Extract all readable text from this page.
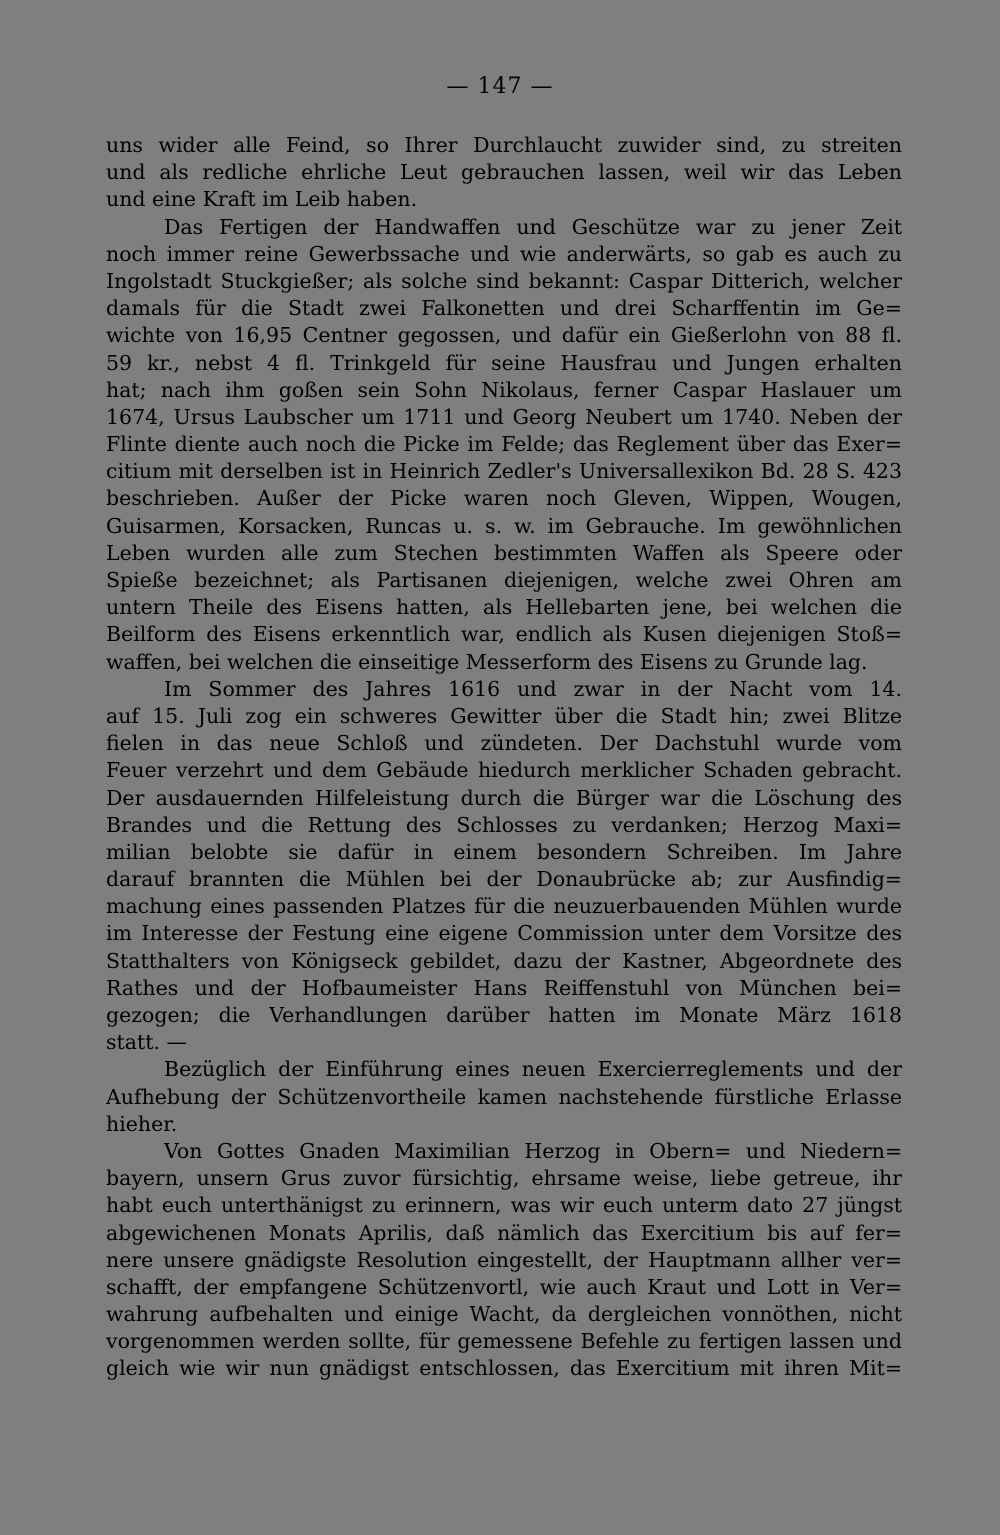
— 147 —
uns wider alle Feind, so Ihrer Durchlaucht zuwider sind, zu streiten
und als redliche ehrliche Leut gebrauchen lassen, weil wir das Leben
und eine Kraft im Leib haben.
Das Fertigen der Handwaffen und Geschütze war zu jener Zeit
noch immer reine Gewerbssache und wie anderwärts, so gab es auch zu
Ingolstadt Stuckgießer; als solche sind bekannt: Caspar Ditterich, welcher
damals für die Stadt zwei Falkonetten und drei Scharffentin im Ge=
wichte von 16,95 Centner gegossen, und dafür ein Gießerlohn von 88 fl.
59 kr., nebst 4 fl. Trinkgeld für seine Hausfrau und Jungen erhalten
hat; nach ihm goßen sein Sohn Nikolaus, ferner Caspar Haslauer um
1674, Ursus Laubscher um 1711 und Georg Neubert um 1740. Neben der
Flinte diente auch noch die Picke im Felde; das Reglement über das Exer=
citium mit derselben ist in Heinrich Zedler's Universallexikon Bd. 28 S. 423
beschrieben. Außer der Picke waren noch Gleven, Wippen, Wougen,
Guisarmen, Korsacken, Runcas u. s. w. im Gebrauche. Im gewöhnlichen
Leben wurden alle zum Stechen bestimmten Waffen als Speere oder
Spieße bezeichnet; als Partisanen diejenigen, welche zwei Ohren am
untern Theile des Eisens hatten, als Hellebarten jene, bei welchen die
Beilform des Eisens erkenntlich war, endlich als Kusen diejenigen Stoß=
waffen, bei welchen die einseitige Messerform des Eisens zu Grunde lag.
Im Sommer des Jahres 1616 und zwar in der Nacht vom 14.
auf 15. Juli zog ein schweres Gewitter über die Stadt hin; zwei Blitze
fielen in das neue Schloß und zündeten. Der Dachstuhl wurde vom
Feuer verzehrt und dem Gebäude hiedurch merklicher Schaden gebracht.
Der ausdauernden Hilfeleistung durch die Bürger war die Löschung des
Brandes und die Rettung des Schlosses zu verdanken; Herzog Maxi=
milian belobte sie dafür in einem besondern Schreiben. Im Jahre
darauf brannten die Mühlen bei der Donaubrücke ab; zur Ausfindig=
machung eines passenden Platzes für die neuzuerbauenden Mühlen wurde
im Interesse der Festung eine eigene Commission unter dem Vorsitze des
Statthalters von Königseck gebildet, dazu der Kastner, Abgeordnete des
Rathes und der Hofbaumeister Hans Reiffenstuhl von München bei=
gezogen; die Verhandlungen darüber hatten im Monate März 1618
statt. —
Bezüglich der Einführung eines neuen Exercierreglements und der
Aufhebung der Schützenvortheile kamen nachstehende fürstliche Erlasse
hieher.
Von Gottes Gnaden Maximilian Herzog in Obern= und Niedern=
bayern, unsern Grus zuvor fürsichtig, ehrsame weise, liebe getreue, ihr
habt euch unterthänigst zu erinnern, was wir euch unterm dato 27 jüngst
abgewichenen Monats Aprilis, daß nämlich das Exercitium bis auf fer=
nere unsere gnädigste Resolution eingestellt, der Hauptmann allher ver=
schafft, der empfangene Schützenvortl, wie auch Kraut und Lott in Ver=
wahrung aufbehalten und einige Wacht, da dergleichen vonnöthen, nicht
vorgenommen werden sollte, für gemessene Befehle zu fertigen lassen und
gleich wie wir nun gnädigst entschlossen, das Exercitium mit ihren Mit=
